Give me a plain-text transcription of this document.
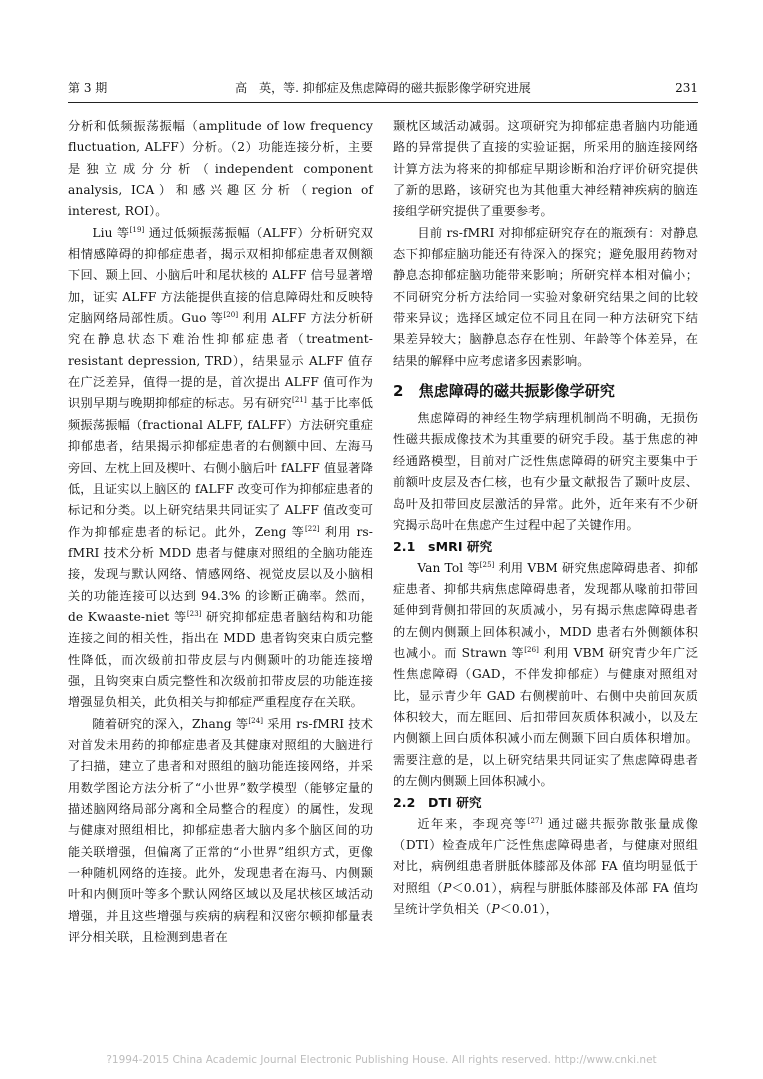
第 3 期	高　英，等. 抑郁症及焦虑障碍的磁共振影像学研究进展	231

分析和低频振荡振幅（amplitude of low frequency fluctuation, ALFF）分析。（2）功能连接分析，主要是独立成分分析（independent component analysis, ICA）和感兴趣区分析（region of interest, ROI）。

Liu 等[19] 通过低频振荡振幅（ALFF）分析研究双相情感障碍的抑郁症患者，揭示双相抑郁症患者双侧额下回、颞上回、小脑后叶和尾状核的 ALFF 信号显著增加，证实 ALFF 方法能提供直接的信息障碍灶和反映特定脑网络局部性质。Guo 等[20] 利用 ALFF 方法分析研究在静息状态下难治性抑郁症患者（treatment-resistant depression, TRD），结果显示 ALFF 值存在广泛差异，值得一提的是，首次提出 ALFF 值可作为识别早期与晚期抑郁症的标志。另有研究[21] 基于比率低频振荡振幅（fractional ALFF, fALFF）方法研究重症抑郁患者，结果揭示抑郁症患者的右侧额中回、左海马旁回、左枕上回及楔叶、右侧小脑后叶 fALFF 值显著降低，且证实以上脑区的 fALFF 改变可作为抑郁症患者的标记和分类。以上研究结果共同证实了 ALFF 值改变可作为抑郁症患者的标记。此外，Zeng 等[22] 利用 rs-fMRI 技术分析 MDD 患者与健康对照组的全脑功能连接，发现与默认网络、情感网络、视觉皮层以及小脑相关的功能连接可以达到 94.3% 的诊断正确率。然而，de Kwaaste-niet 等[23] 研究抑郁症患者脑结构和功能连接之间的相关性，指出在 MDD 患者钩突束白质完整性降低，而次级前扣带皮层与内侧颞叶的功能连接增强，且钩突束白质完整性和次级前扣带皮层的功能连接增强显负相关，此负相关与抑郁症严重程度存在关联。

随着研究的深入，Zhang 等[24] 采用 rs-fMRI 技术对首发未用药的抑郁症患者及其健康对照组的大脑进行了扫描，建立了患者和对照组的脑功能连接网络，并采用数学图论方法分析了“小世界”数学模型（能够定量的描述脑网络局部分离和全局整合的程度）的属性，发现与健康对照组相比，抑郁症患者大脑内多个脑区间的功能关联增强，但偏离了正常的“小世界”组织方式，更像一种随机网络的连接。此外，发现患者在海马、内侧颞叶和内侧顶叶等多个默认网络区域以及尾状核区域活动增强，并且这些增强与疾病的病程和汉密尔顿抑郁量表评分相关联，且检测到患者在

颞枕区域活动减弱。这项研究为抑郁症患者脑内功能通路的异常提供了直接的实验证据，所采用的脑连接网络计算方法为将来的抑郁症早期诊断和治疗评价研究提供了新的思路，该研究也为其他重大神经精神疾病的脑连接组学研究提供了重要参考。

目前 rs-fMRI 对抑郁症研究存在的瓶颈有：对静息态下抑郁症脑功能还有待深入的探究；避免服用药物对静息态抑郁症脑功能带来影响；所研究样本相对偏小；不同研究分析方法给同一实验对象研究结果之间的比较带来异议；选择区域定位不同且在同一种方法研究下结果差异较大；脑静息态存在性别、年龄等个体差异，在结果的解释中应考虑诸多因素影响。

2　焦虑障碍的磁共振影像学研究

焦虑障碍的神经生物学病理机制尚不明确，无损伤性磁共振成像技术为其重要的研究手段。基于焦虑的神经通路模型，目前对广泛性焦虑障碍的研究主要集中于前额叶皮层及杏仁核，也有少量文献报告了颞叶皮层、岛叶及扣带回皮层激活的异常。此外，近年来有不少研究揭示岛叶在焦虑产生过程中起了关键作用。

2.1　sMRI 研究

Van Tol 等[25] 利用 VBM 研究焦虑障碍患者、抑郁症患者、抑郁共病焦虑障碍患者，发现都从喙前扣带回延伸到背侧扣带回的灰质减小，另有揭示焦虑障碍患者的左侧内侧颞上回体积减小，MDD 患者右外侧额体积也减小。而 Strawn 等[26] 利用 VBM 研究青少年广泛性焦虑障碍（GAD，不伴发抑郁症）与健康对照组对比，显示青少年 GAD 右侧楔前叶、右侧中央前回灰质体积较大，而左眶回、后扣带回灰质体积减小，以及左内侧额上回白质体积减小而左侧颞下回白质体积增加。需要注意的是，以上研究结果共同证实了焦虑障碍患者的左侧内侧颞上回体积减小。

2.2　DTI 研究

近年来，李现亮等[27] 通过磁共振弥散张量成像（DTI）检查成年广泛性焦虑障碍患者，与健康对照组对比，病例组患者胼胝体膝部及体部 FA 值均明显低于对照组（P＜0.01），病程与胼胝体膝部及体部 FA 值均呈统计学负相关（P＜0.01），

?1994-2015 China Academic Journal Electronic Publishing House. All rights reserved. http://www.cnki.net
